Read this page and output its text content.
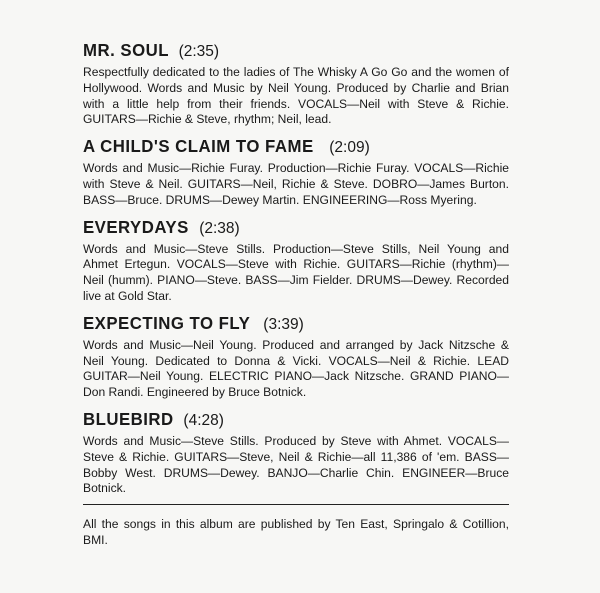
MR. SOUL (2:35)
Respectfully dedicated to the ladies of The Whisky A Go Go and the women of Hollywood. Words and Music by Neil Young. Produced by Charlie and Brian with a little help from their friends. VOCALS—Neil with Steve & Richie. GUITARS—Richie & Steve, rhythm; Neil, lead.
A CHILD'S CLAIM TO FAME (2:09)
Words and Music—Richie Furay. Production—Richie Furay. VOCALS—Richie with Steve & Neil. GUITARS—Neil, Richie & Steve. DOBRO—James Burton. BASS—Bruce. DRUMS—Dewey Martin. ENGINEERING—Ross Myering.
EVERYDAYS (2:38)
Words and Music—Steve Stills. Production—Steve Stills, Neil Young and Ahmet Ertegun. VOCALS—Steve with Richie. GUITARS—Richie (rhythm)—Neil (humm). PIANO—Steve. BASS—Jim Fielder. DRUMS—Dewey. Recorded live at Gold Star.
EXPECTING TO FLY (3:39)
Words and Music—Neil Young. Produced and arranged by Jack Nitzsche & Neil Young. Dedicated to Donna & Vicki. VOCALS—Neil & Richie. LEAD GUITAR—Neil Young. ELECTRIC PIANO—Jack Nitzsche. GRAND PIANO—Don Randi. Engineered by Bruce Botnick.
BLUEBIRD (4:28)
Words and Music—Steve Stills. Produced by Steve with Ahmet. VOCALS—Steve & Richie. GUITARS—Steve, Neil & Richie—all 11,386 of 'em. BASS—Bobby West. DRUMS—Dewey. BANJO—Charlie Chin. ENGINEER—Bruce Botnick.
All the songs in this album are published by Ten East, Springalo & Cotillion, BMI.
